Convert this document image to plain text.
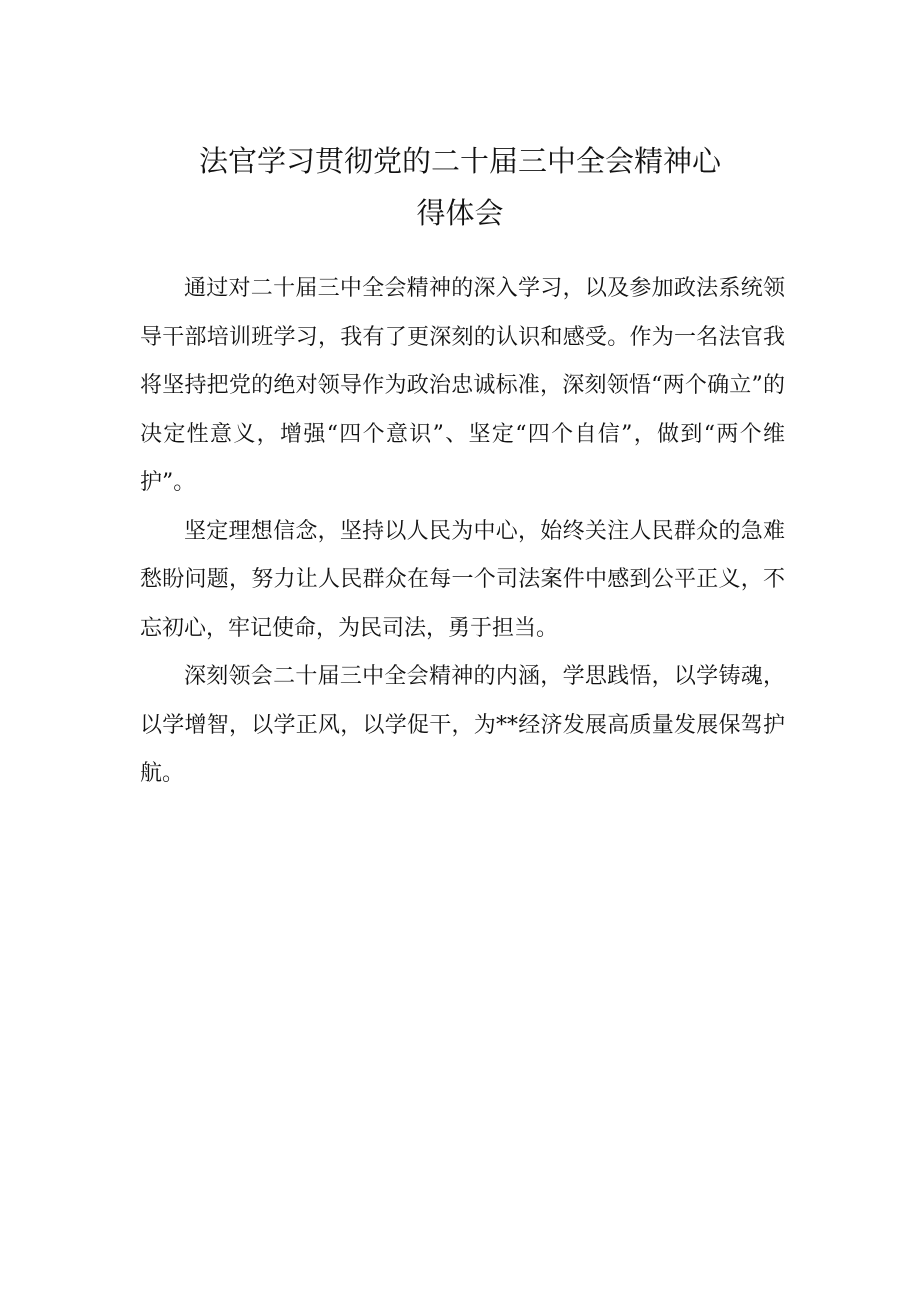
法官学习贯彻党的二十届三中全会精神心
得体会

通过对二十届三中全会精神的深入学习，以及参加政法系统领导干部培训班学习，我有了更深刻的认识和感受。作为一名法官我将坚持把党的绝对领导作为政治忠诚标准，深刻领悟“两个确立”的决定性意义，增强“四个意识”、坚定“四个自信”，做到“两个维护”。

坚定理想信念，坚持以人民为中心，始终关注人民群众的急难愁盼问题，努力让人民群众在每一个司法案件中感到公平正义，不忘初心，牢记使命，为民司法，勇于担当。

深刻领会二十届三中全会精神的内涵，学思践悟，以学铸魂，以学增智，以学正风，以学促干，为**经济发展高质量发展保驾护航。
